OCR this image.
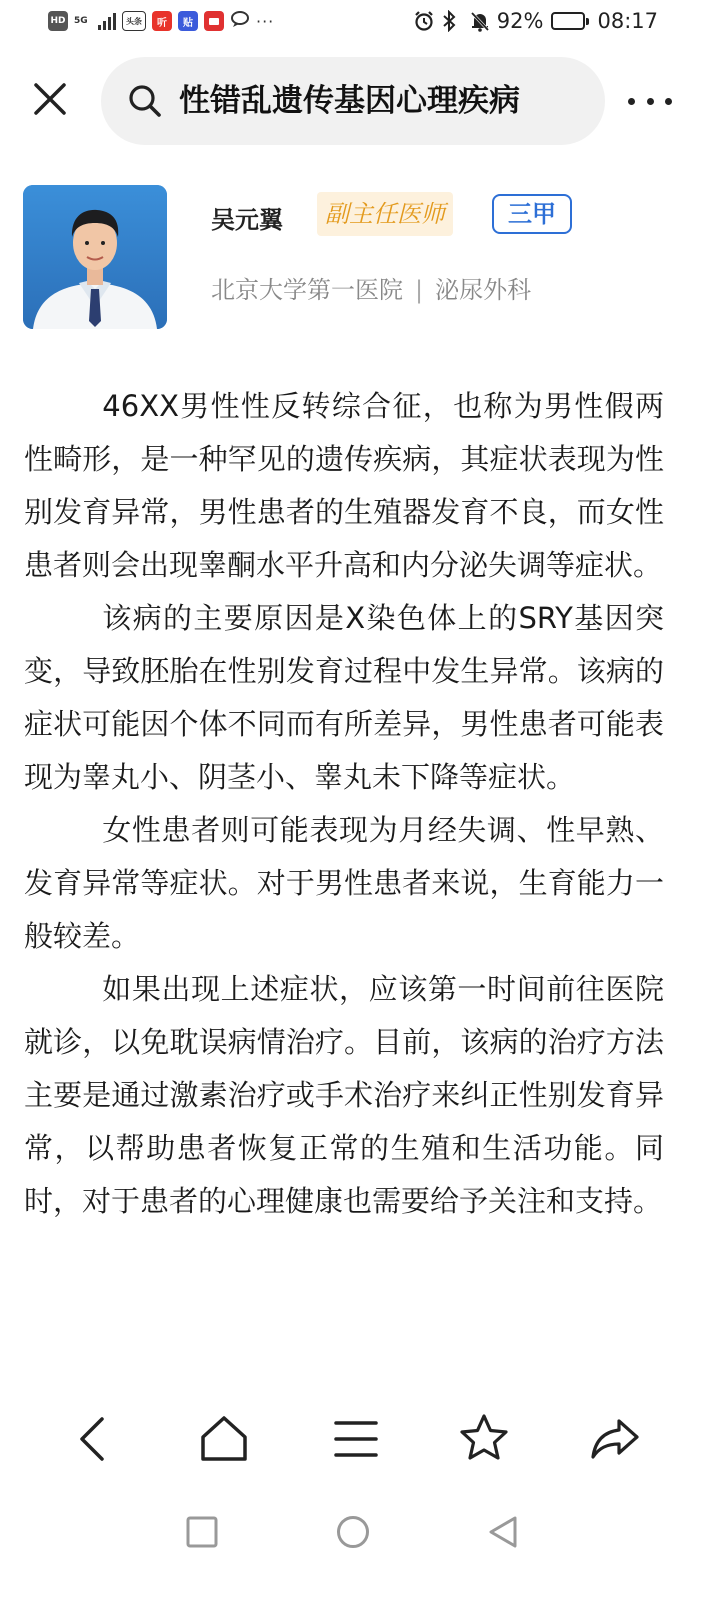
HD 5G	头条	听	贴	···	92%	08:17
性错乱遗传基因心理疾病
吴元翼	副主任医师	三甲
北京大学第一医院 | 泌尿外科

46XX男性性反转综合征，也称为男性假两性畸形，是一种罕见的遗传疾病，其症状表现为性别发育异常，男性患者的生殖器发育不良，而女性患者则会出现睾酮水平升高和内分泌失调等症状。

该病的主要原因是X染色体上的SRY基因突变，导致胚胎在性别发育过程中发生异常。该病的症状可能因个体不同而有所差异，男性患者可能表现为睾丸小、阴茎小、睾丸未下降等症状。

女性患者则可能表现为月经失调、性早熟、发育异常等症状。对于男性患者来说，生育能力一般较差。

如果出现上述症状，应该第一时间前往医院就诊，以免耽误病情治疗。目前，该病的治疗方法主要是通过激素治疗或手术治疗来纠正性别发育异常，以帮助患者恢复正常的生殖和生活功能。同时，对于患者的心理健康也需要给予关注和支持。
